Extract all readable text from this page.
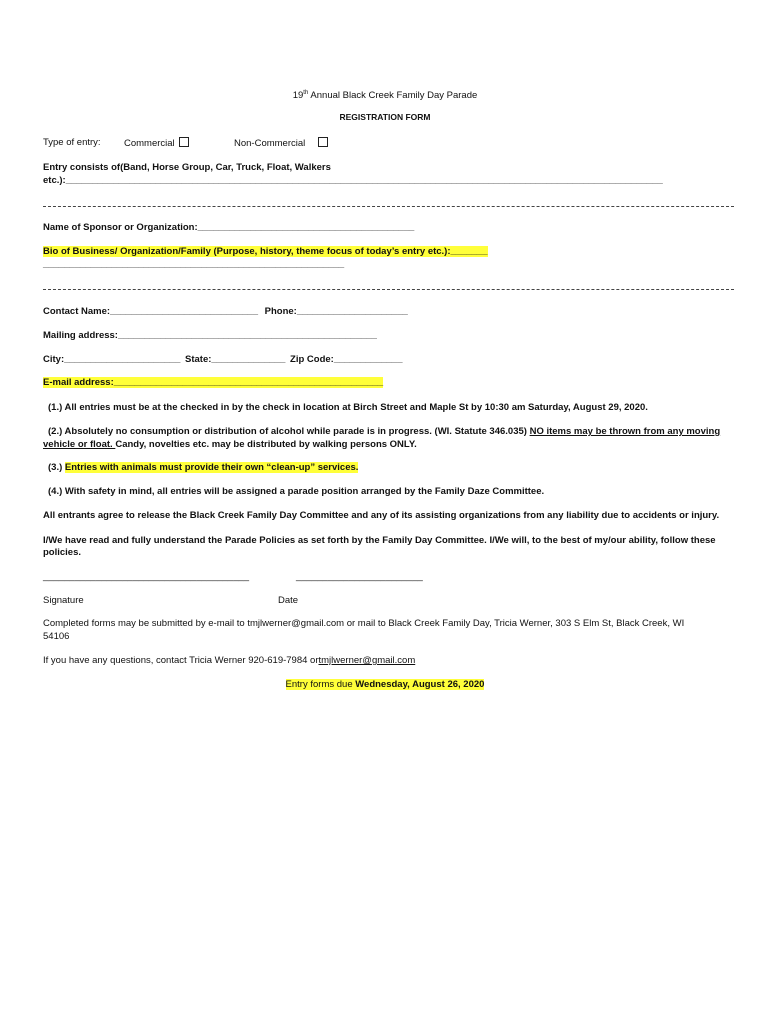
19th Annual Black Creek Family Day Parade
REGISTRATION FORM
Type of entry: Commercial	Non-Commercial
Entry consists of(Band, Horse Group, Car, Truck, Float, Walkers
etc.):_________________________________________________________________________________________________________________
Name of Sponsor or Organization:_________________________________________
Bio of Business/ Organization/Family (Purpose, history, theme focus of today’s entry etc.):_______
_________________________________________________________
Contact Name:____________________________ Phone:_____________________
Mailing address:_________________________________________________
City:______________________ State:______________ Zip Code:_____________
E-mail address:___________________________________________________
(1.) All entries must be at the checked in by the check in location at Birch Street and Maple St by 10:30 am Saturday, August 29, 2020.
(2.) Absolutely no consumption or distribution of alcohol while parade is in progress. (WI. Statute 346.035) NO items may be thrown from any moving
vehicle or float. Candy, novelties etc. may be distributed by walking persons ONLY.
(3.) Entries with animals must provide their own “clean-up” services.
(4.) With safety in mind, all entries will be assigned a parade position arranged by the Family Daze Committee.
All entrants agree to release the Black Creek Family Day Committee and any of its assisting organizations from any liability due to accidents or injury.
I/We have read and fully understand the Parade Policies as set forth by the Family Day Committee. I/We will, to the best of my/our ability, follow these
policies.
_______________________________________	________________________
Signature	Date
Completed forms may be submitted by e-mail to tmjlwerner@gmail.com or mail to Black Creek Family Day, Tricia Werner, 303 S Elm St, Black Creek, WI
54106
If you have any questions, contact Tricia Werner 920-619-7984 ortmjlwerner@gmail.com
Entry forms due Wednesday, August 26, 2020
